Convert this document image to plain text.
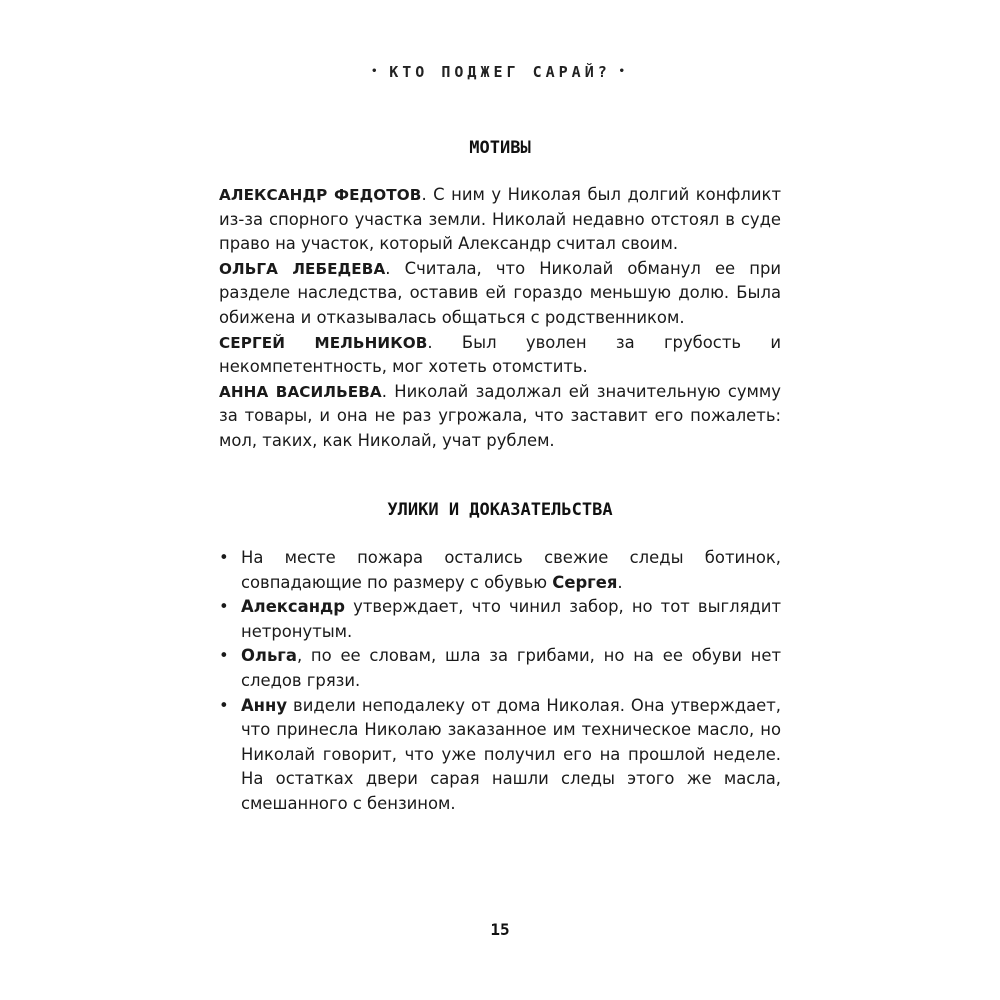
• КТО ПОДЖЕГ САРАЙ? •
МОТИВЫ

АЛЕКСАНДР ФЕДОТОВ. С ним у Николая был долгий конфликт из-за спорного участка земли. Николай недавно отстоял в суде право на участок, который Александр считал своим.

ОЛЬГА ЛЕБЕДЕВА. Считала, что Николай обманул ее при разделе наследства, оставив ей гораздо меньшую долю. Была обижена и отказывалась общаться с родственником.

СЕРГЕЙ МЕЛЬНИКОВ. Был уволен за грубость и некомпетентность, мог хотеть отомстить.

АННА ВАСИЛЬЕВА. Николай задолжал ей значительную сумму за товары, и она не раз угрожала, что заставит его пожалеть: мол, таких, как Николай, учат рублем.

УЛИКИ И ДОКАЗАТЕЛЬСТВА
• На месте пожара остались свежие следы ботинок, совпадающие по размеру с обувью Сергея.
• Александр утверждает, что чинил забор, но тот выглядит нетронутым.
• Ольга, по ее словам, шла за грибами, но на ее обуви нет следов грязи.
• Анну видели неподалеку от дома Николая. Она утверждает, что принесла Николаю заказанное им техническое масло, но Николай говорит, что уже получил его на прошлой неделе. На остатках двери сарая нашли следы этого же масла, смешанного с бензином.
15
